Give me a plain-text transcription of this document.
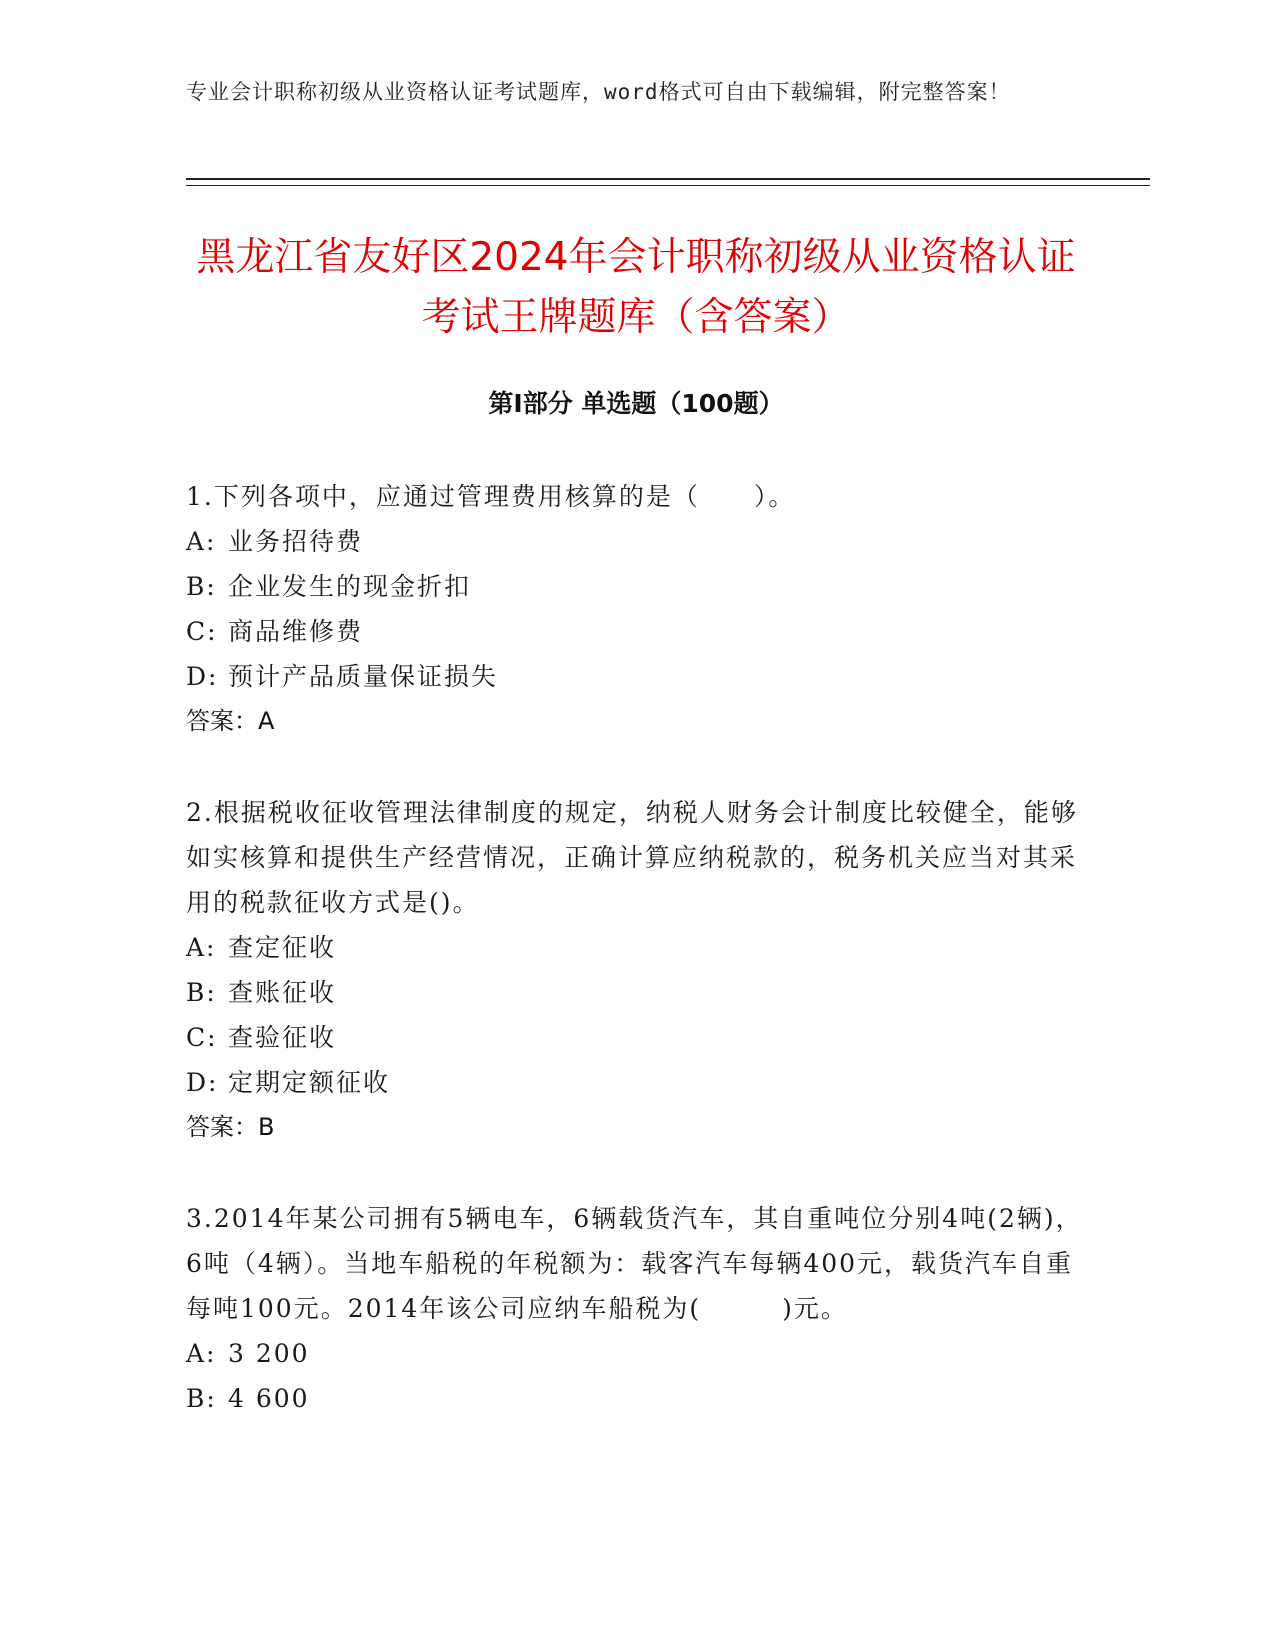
专业会计职称初级从业资格认证考试题库，word格式可自由下载编辑，附完整答案！
黑龙江省友好区2024年会计职称初级从业资格认证考试王牌题库（含答案）
第Ⅰ部分 单选题（100题）
1.下列各项中，应通过管理费用核算的是（　　）。
A: 业务招待费
B: 企业发生的现金折扣
C: 商品维修费
D: 预计产品质量保证损失
答案：A
2.根据税收征收管理法律制度的规定，纳税人财务会计制度比较健全，能够如实核算和提供生产经营情况，正确计算应纳税款的，税务机关应当对其采用的税款征收方式是()。
A: 查定征收
B: 查账征收
C: 查验征收
D: 定期定额征收
答案：B
3.2014年某公司拥有5辆电车，6辆载货汽车，其自重吨位分别4吨(2辆)，6吨（4辆）。当地车船税的年税额为：载客汽车每辆400元，载货汽车自重每吨100元。2014年该公司应纳车船税为(　　　)元。
A: 3 200
B: 4 600
